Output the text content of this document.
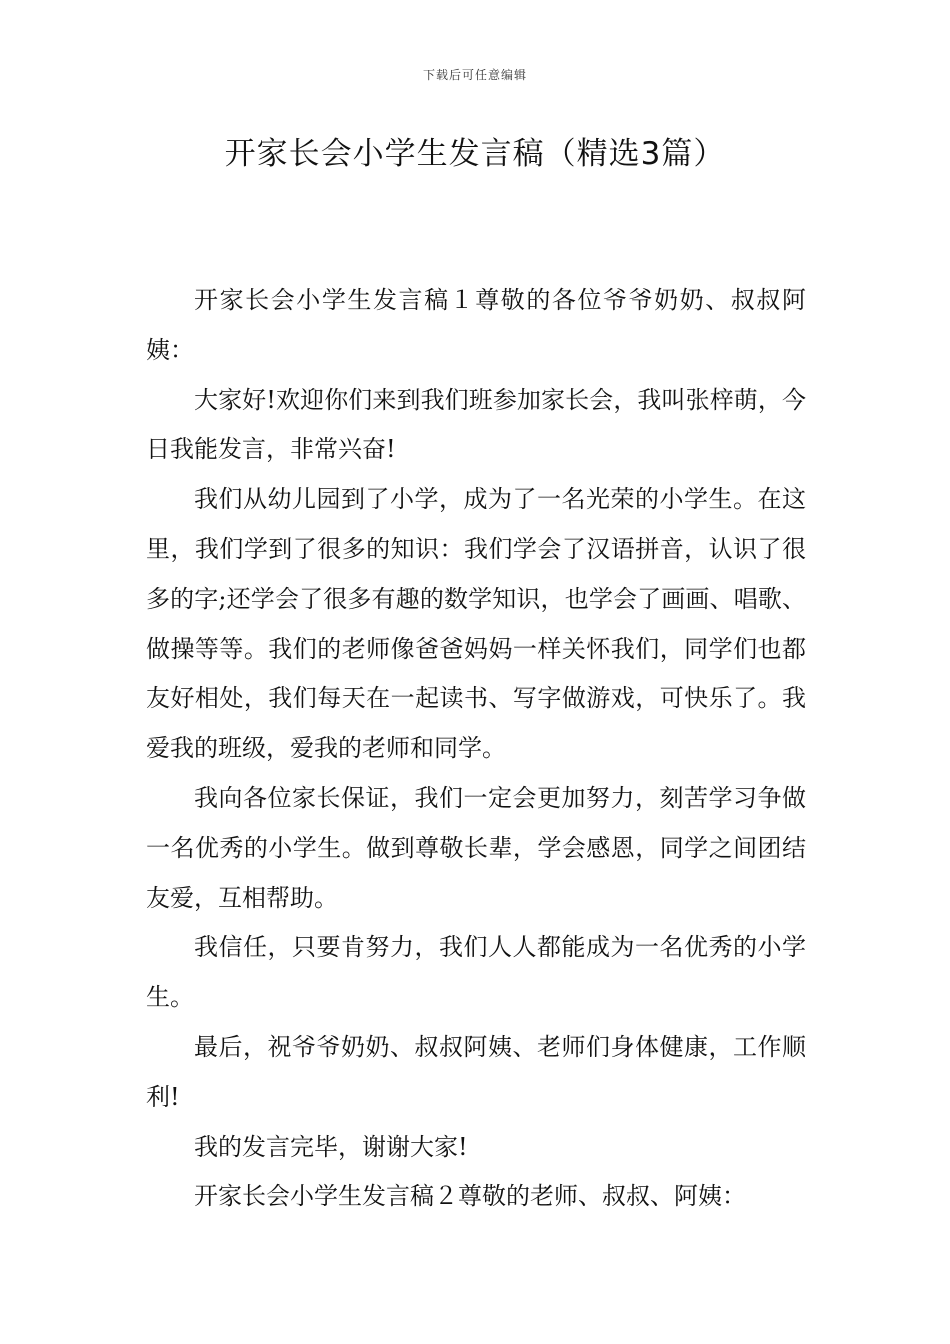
下载后可任意编辑
开家长会小学生发言稿（精选3篇）

开家长会小学生发言稿１尊敬的各位爷爷奶奶、叔叔阿姨：

大家好!欢迎你们来到我们班参加家长会，我叫张梓萌，今日我能发言，非常兴奋!

我们从幼儿园到了小学，成为了一名光荣的小学生。在这里，我们学到了很多的知识：我们学会了汉语拼音，认识了很多的字;还学会了很多有趣的数学知识，也学会了画画、唱歌、做操等等。我们的老师像爸爸妈妈一样关怀我们，同学们也都友好相处，我们每天在一起读书、写字做游戏，可快乐了。我爱我的班级，爱我的老师和同学。

我向各位家长保证，我们一定会更加努力，刻苦学习争做一名优秀的小学生。做到尊敬长辈，学会感恩，同学之间团结友爱，互相帮助。

我信任，只要肯努力，我们人人都能成为一名优秀的小学生。

最后，祝爷爷奶奶、叔叔阿姨、老师们身体健康，工作顺利!

我的发言完毕，谢谢大家!

开家长会小学生发言稿２尊敬的老师、叔叔、阿姨：
